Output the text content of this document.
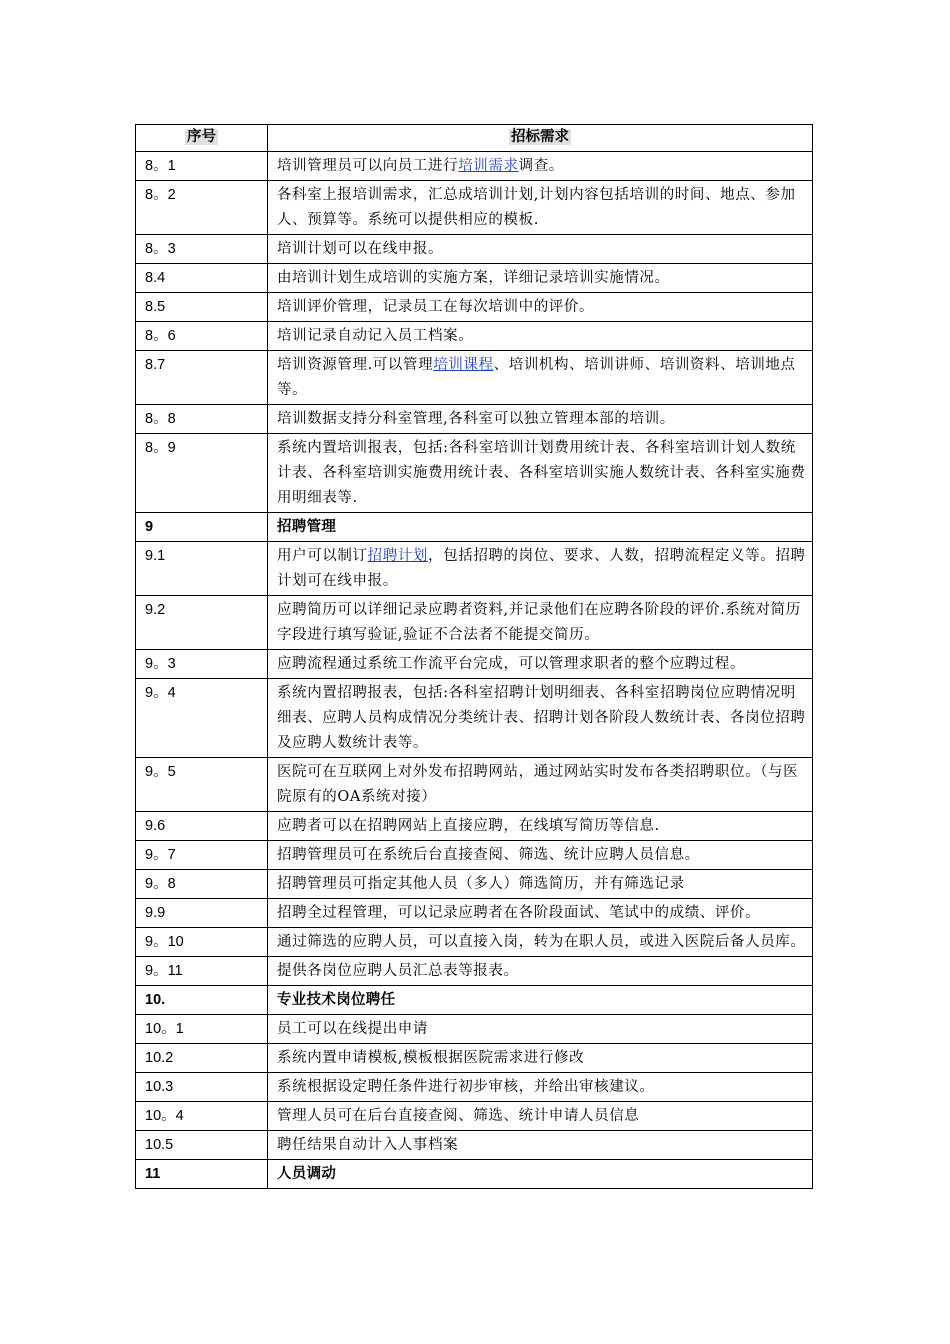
序号	招标需求
8。1	培训管理员可以向员工进行培训需求调查。
8。2	各科室上报培训需求，汇总成培训计划,计划内容包括培训的时间、地点、参加人、预算等。系统可以提供相应的模板.
8。3	培训计划可以在线申报。
8.4	由培训计划生成培训的实施方案，详细记录培训实施情况。
8.5	培训评价管理，记录员工在每次培训中的评价。
8。6	培训记录自动记入员工档案。
8.7	培训资源管理.可以管理培训课程、培训机构、培训讲师、培训资料、培训地点等。
8。8	培训数据支持分科室管理,各科室可以独立管理本部的培训。
8。9	系统内置培训报表，包括:各科室培训计划费用统计表、各科室培训计划人数统计表、各科室培训实施费用统计表、各科室培训实施人数统计表、各科室实施费用明细表等.
9	招聘管理
9.1	用户可以制订招聘计划，包括招聘的岗位、要求、人数，招聘流程定义等。招聘计划可在线申报。
9.2	应聘简历可以详细记录应聘者资料,并记录他们在应聘各阶段的评价.系统对简历字段进行填写验证,验证不合法者不能提交简历。
9。3	应聘流程通过系统工作流平台完成，可以管理求职者的整个应聘过程。
9。4	系统内置招聘报表，包括:各科室招聘计划明细表、各科室招聘岗位应聘情况明细表、应聘人员构成情况分类统计表、招聘计划各阶段人数统计表、各岗位招聘及应聘人数统计表等。
9。5	医院可在互联网上对外发布招聘网站，通过网站实时发布各类招聘职位。（与医院原有的OA系统对接）
9.6	应聘者可以在招聘网站上直接应聘，在线填写简历等信息.
9。7	招聘管理员可在系统后台直接查阅、筛选、统计应聘人员信息。
9。8	招聘管理员可指定其他人员（多人）筛选简历，并有筛选记录
9.9	招聘全过程管理，可以记录应聘者在各阶段面试、笔试中的成绩、评价。
9。10	通过筛选的应聘人员，可以直接入岗，转为在职人员，或进入医院后备人员库。
9。11	提供各岗位应聘人员汇总表等报表。
10.	专业技术岗位聘任
10。1	员工可以在线提出申请
10.2	系统内置申请模板,模板根据医院需求进行修改
10.3	系统根据设定聘任条件进行初步审核，并给出审核建议。
10。4	管理人员可在后台直接查阅、筛选、统计申请人员信息
10.5	聘任结果自动计入人事档案
11	人员调动
